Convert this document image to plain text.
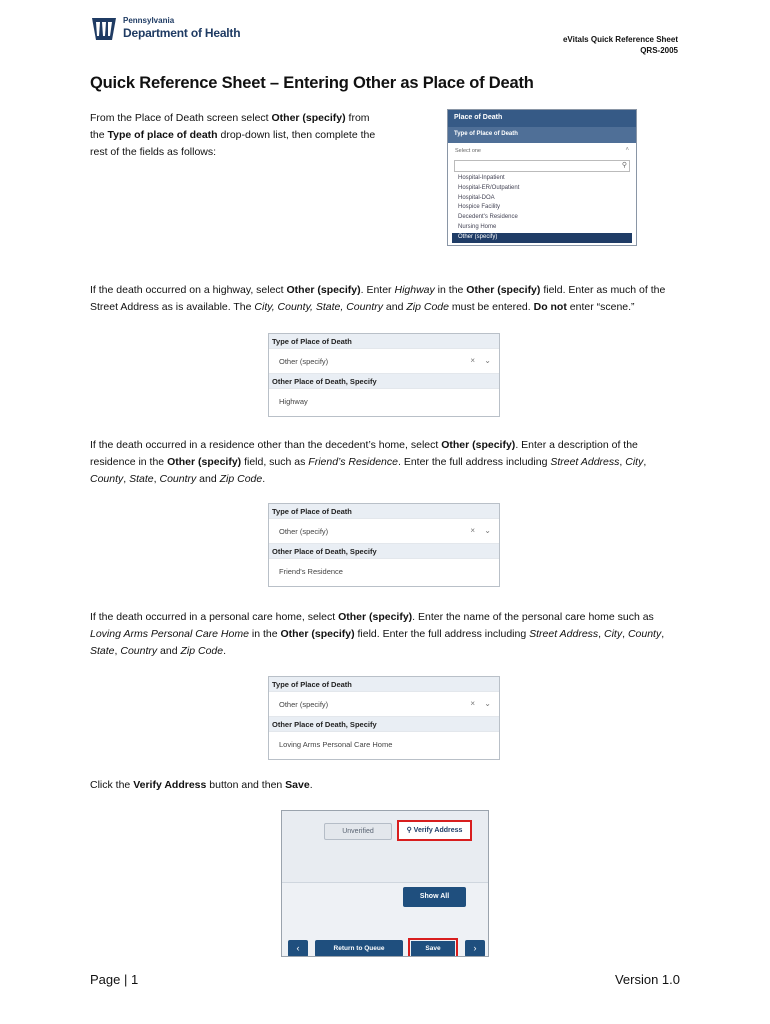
Pennsylvania
Department of Health	eVitals Quick Reference Sheet
QRS-2005
Quick Reference Sheet – Entering Other as Place of Death
From the Place of Death screen select Other (specify) from the Type of place of death drop-down list, then complete the rest of the fields as follows:
Place of Death
Type of Place of Death
Select one	˄
⚲
Hospital-Inpatient
Hospital-ER/Outpatient
Hospital-DOA
Hospice Facility
Decedent's Residence
Nursing Home
Other (specify)
If the death occurred on a highway, select Other (specify). Enter Highway in the Other (specify) field. Enter as much of the Street Address as is available. The City, County, State, Country and Zip Code must be entered. Do not enter “scene.”
Type of Place of Death
Other (specify)	× ⌄
Other Place of Death, Specify
Highway
If the death occurred in a residence other than the decedent’s home, select Other (specify). Enter a description of the residence in the Other (specify) field, such as Friend’s Residence. Enter the full address including Street Address, City, County, State, Country and Zip Code.
Type of Place of Death
Other (specify)	× ⌄
Other Place of Death, Specify
Friend's Residence
If the death occurred in a personal care home, select Other (specify). Enter the name of the personal care home such as Loving Arms Personal Care Home in the Other (specify) field. Enter the full address including Street Address, City, County, State, Country and Zip Code.
Type of Place of Death
Other (specify)	× ⌄
Other Place of Death, Specify
Loving Arms Personal Care Home
Click the Verify Address button and then Save.
Unverified	⚲ Verify Address
Show All
‹	Return to Queue	Save	›
Page | 1	Version 1.0
